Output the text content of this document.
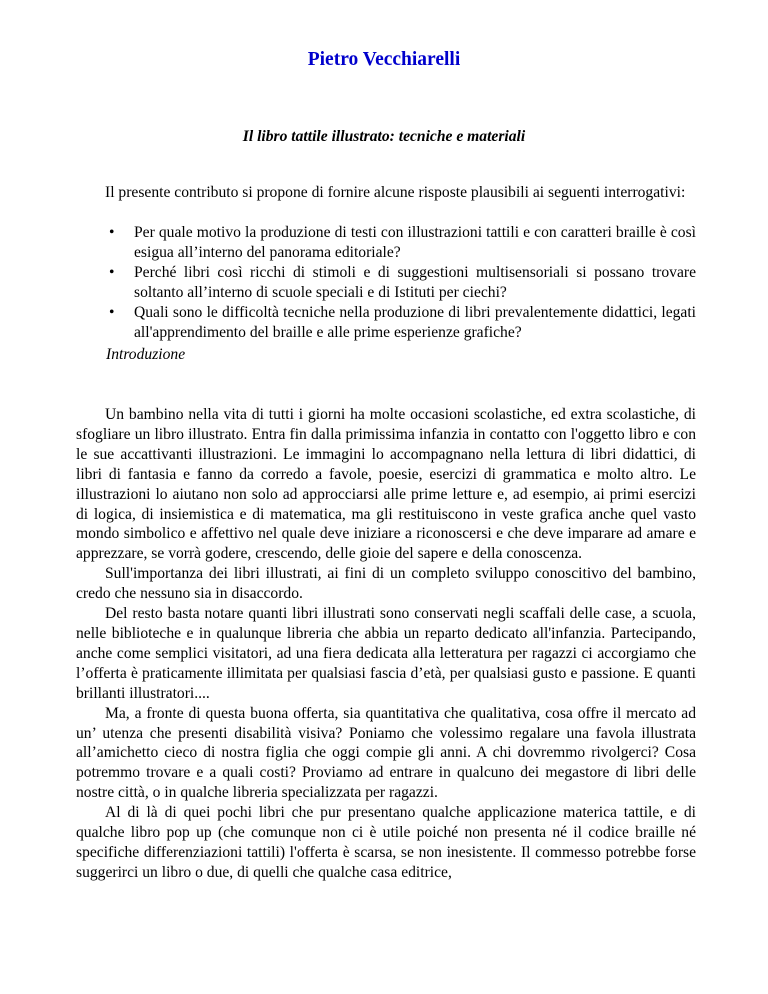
Pietro Vecchiarelli
Il libro tattile illustrato: tecniche e materiali

Il presente contributo si propone di fornire alcune risposte plausibili ai seguenti interrogativi:

• Per quale motivo la produzione di testi con illustrazioni tattili e con caratteri braille è così esigua all’interno del panorama editoriale?
• Perché libri così ricchi di stimoli e di suggestioni multisensoriali si possano trovare soltanto all’interno di scuole speciali e di Istituti per ciechi?
• Quali sono le difficoltà tecniche nella produzione di libri prevalentemente didattici, legati all'apprendimento del braille e alle prime esperienze grafiche?
Introduzione

Un bambino nella vita di tutti i giorni ha molte occasioni scolastiche, ed extra scolastiche, di sfogliare un libro illustrato. Entra fin dalla primissima infanzia in contatto con l'oggetto libro e con le sue accattivanti illustrazioni. Le immagini lo accompagnano nella lettura di libri didattici, di libri di fantasia e fanno da corredo a favole, poesie, esercizi di grammatica e molto altro. Le illustrazioni lo aiutano non solo ad approcciarsi alle prime letture e, ad esempio, ai primi esercizi di logica, di insiemistica e di matematica, ma gli restituiscono in veste grafica anche quel vasto mondo simbolico e affettivo nel quale deve iniziare a riconoscersi e che deve imparare ad amare e apprezzare, se vorrà godere, crescendo, delle gioie del sapere e della conoscenza.

Sull'importanza dei libri illustrati, ai fini di un completo sviluppo conoscitivo del bambino, credo che nessuno sia in disaccordo.

Del resto basta notare quanti libri illustrati sono conservati negli scaffali delle case, a scuola, nelle biblioteche e in qualunque libreria che abbia un reparto dedicato all'infanzia. Partecipando, anche come semplici visitatori, ad una fiera dedicata alla letteratura per ragazzi ci accorgiamo che l’offerta è praticamente illimitata per qualsiasi fascia d’età, per qualsiasi gusto e passione. E quanti brillanti illustratori....

Ma, a fronte di questa buona offerta, sia quantitativa che qualitativa, cosa offre il mercato ad un’ utenza che presenti disabilità visiva? Poniamo che volessimo regalare una favola illustrata all’amichetto cieco di nostra figlia che oggi compie gli anni. A chi dovremmo rivolgerci? Cosa potremmo trovare e a quali costi? Proviamo ad entrare in qualcuno dei megastore di libri delle nostre città, o in qualche libreria specializzata per ragazzi.

Al di là di quei pochi libri che pur presentano qualche applicazione materica tattile, e di qualche libro pop up (che comunque non ci è utile poiché non presenta né il codice braille né specifiche differenziazioni tattili) l'offerta è scarsa, se non inesistente. Il commesso potrebbe forse suggerirci un libro o due, di quelli che qualche casa editrice,
